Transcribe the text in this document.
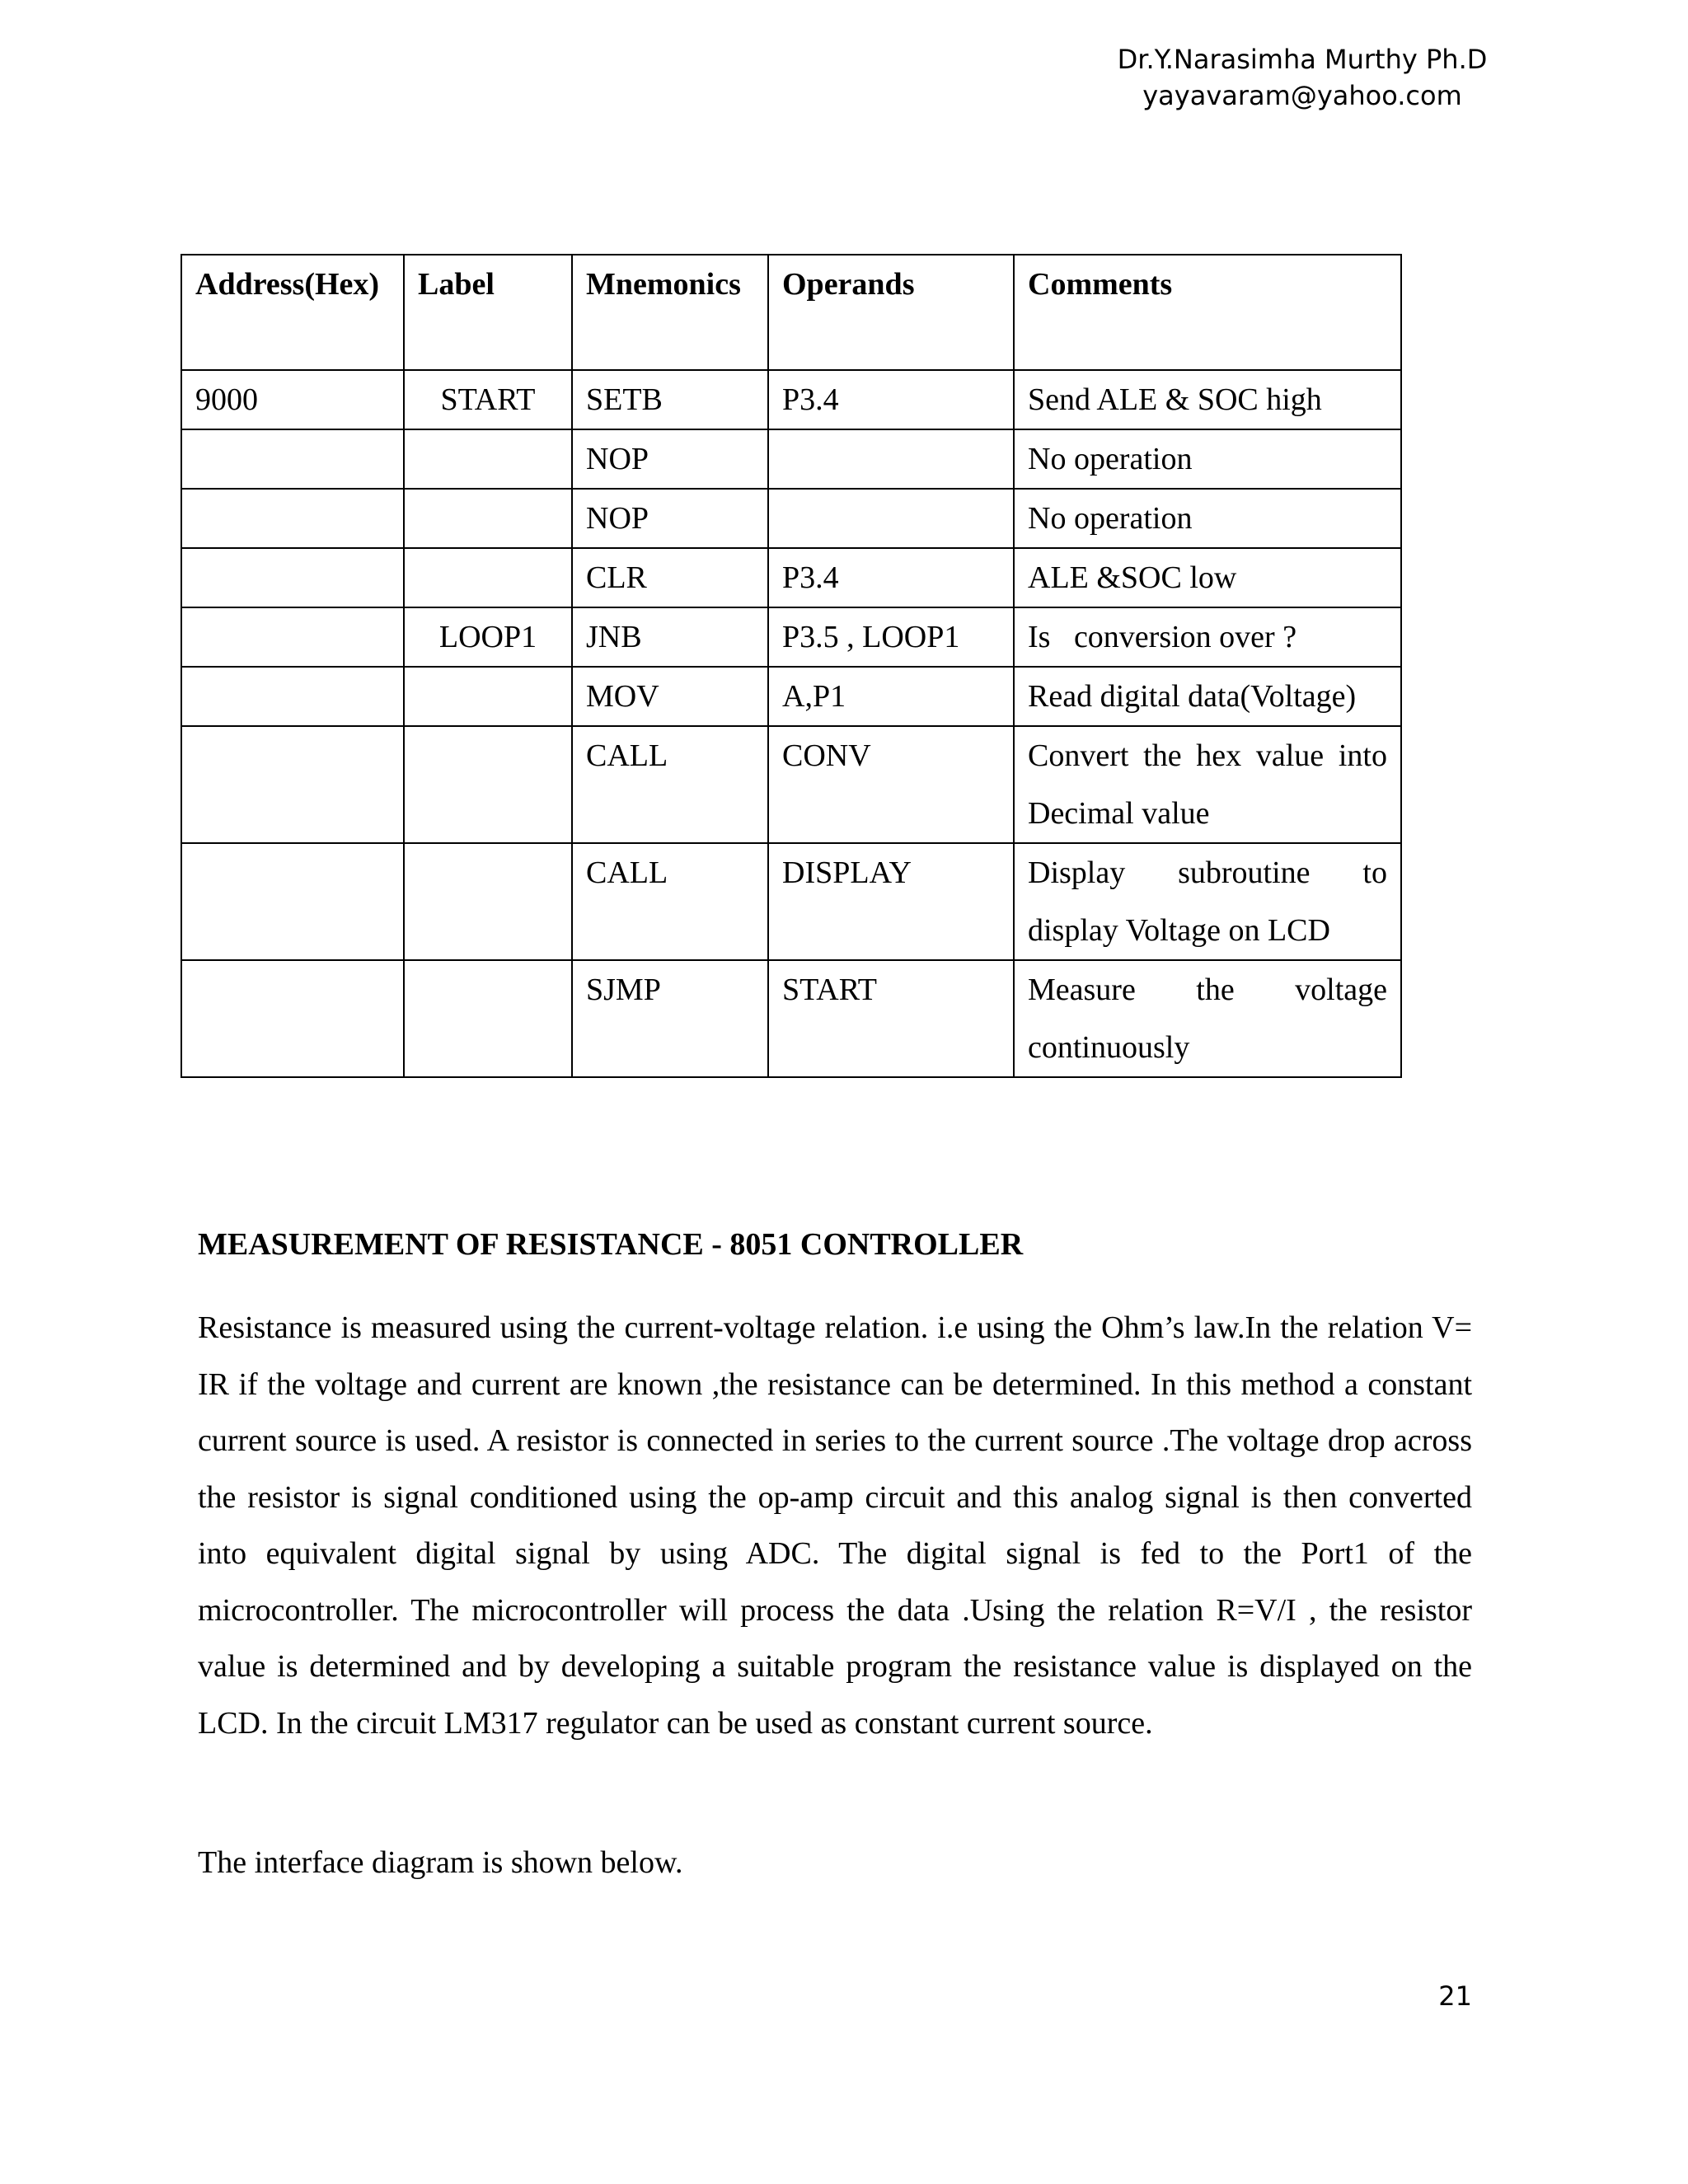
Dr.Y.Narasimha Murthy Ph.D
yayavaram@yahoo.com
Address(Hex)	Label	Mnemonics	Operands	Comments
9000	START	SETB	P3.4	Send ALE & SOC high
		NOP		No operation
		NOP		No operation
		CLR	P3.4	ALE &SOC low
	LOOP1	JNB	P3.5 , LOOP1	Is   conversion over ?
		MOV	A,P1	Read digital data(Voltage)
		CALL	CONV	Convert the hex value into Decimal value
		CALL	DISPLAY	Display subroutine to display Voltage on LCD
		SJMP	START	Measure the voltage continuously
MEASUREMENT OF RESISTANCE - 8051 CONTROLLER

Resistance is measured using the current-voltage relation. i.e using the Ohm’s law.In the relation V= IR if the voltage and current are known ,the resistance can be determined. In this method a constant current source is used. A resistor is connected in series to the current source .The voltage drop across the resistor is signal conditioned using the op-amp circuit and this analog signal is then converted into equivalent digital signal by using ADC. The digital signal is fed to the Port1 of the microcontroller. The microcontroller will process the data .Using the relation R=V/I , the resistor value is determined and by developing a suitable program the resistance value is displayed on the LCD. In the circuit LM317 regulator can be used as constant current source.

The interface diagram is shown below.

21
